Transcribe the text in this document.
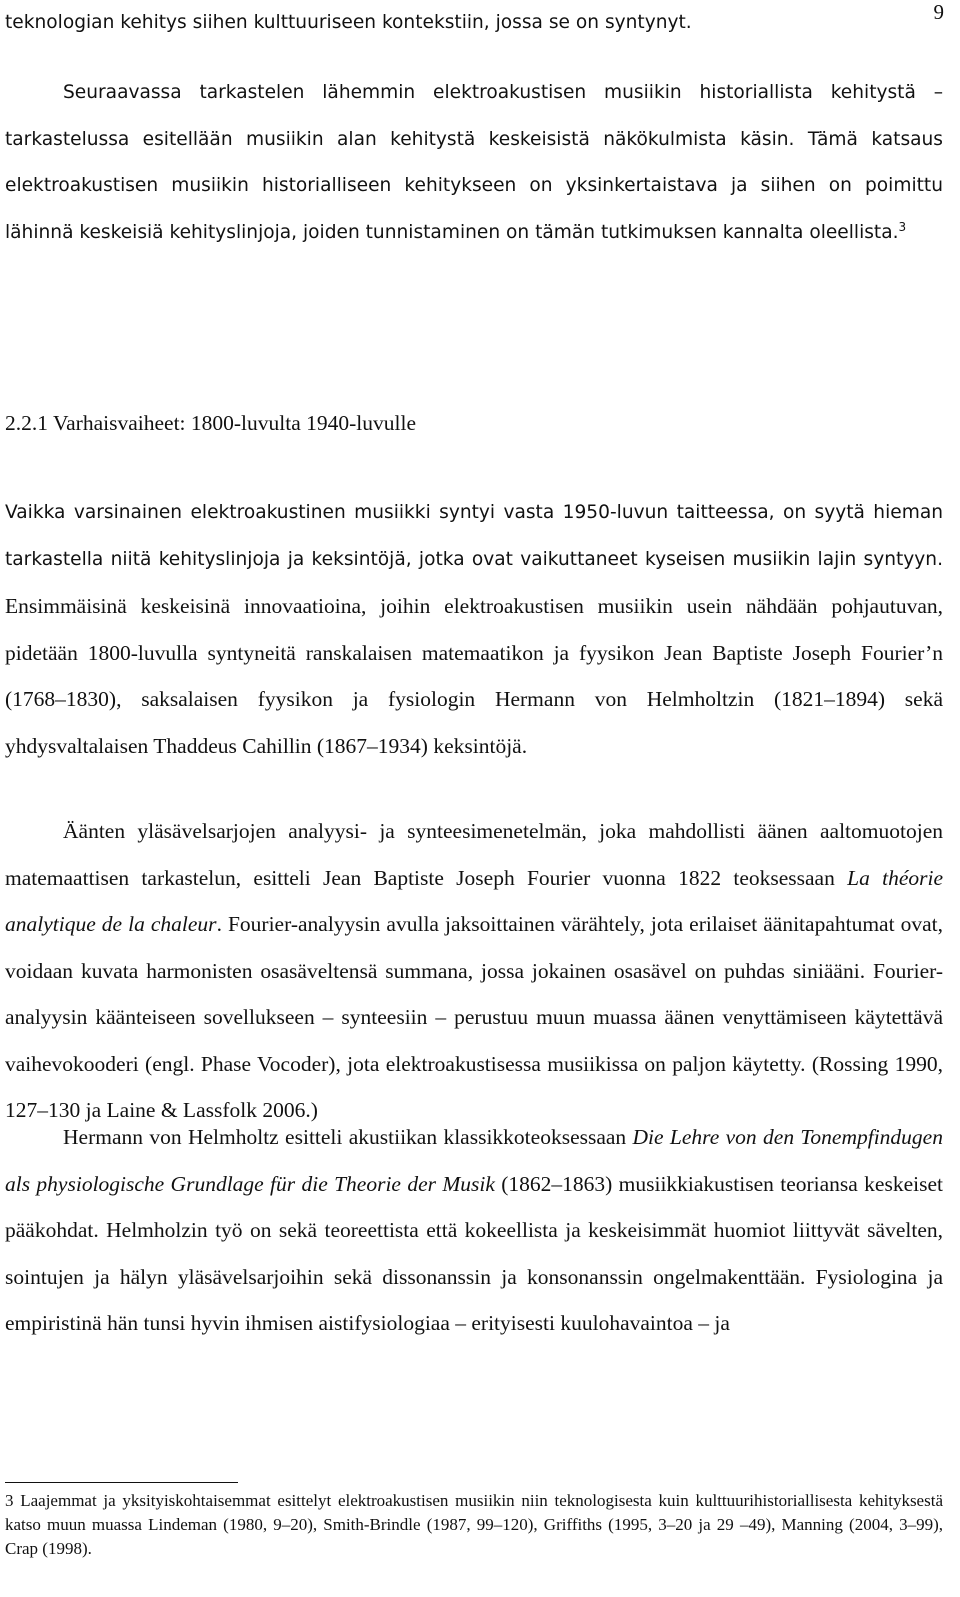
9

teknologian kehitys siihen kulttuuriseen kontekstiin, jossa se on syntynyt.

Seuraavassa tarkastelen lähemmin elektroakustisen musiikin historiallista kehitystä – tarkastelussa esitellään musiikin alan kehitystä keskeisistä näkökulmista käsin. Tämä katsaus elektroakustisen musiikin historialliseen kehitykseen on yksinkertaistava ja siihen on poimittu lähinnä keskeisiä kehityslinjoja, joiden tunnistaminen on tämän tutkimuksen kannalta oleellista.$^3$

2.2.1 Varhaisvaiheet: 1800-luvulta 1940-luvulle

Vaikka varsinainen elektroakustinen musiikki syntyi vasta 1950-luvun taitteessa, on syytä hieman tarkastella niitä kehityslinjoja ja keksintöjä, jotka ovat vaikuttaneet kyseisen musiikin lajin syntyyn. Ensimmäisinä keskeisinä innovaatioina, joihin elektroakustisen musiikin usein nähdään pohjautuvan, pidetään 1800-luvulla syntyneitä ranskalaisen matemaatikon ja fyysikon Jean Baptiste Joseph Fourier’n (1768–1830), saksalaisen fyysikon ja fysiologin Hermann von Helmholtzin (1821–1894) sekä yhdysvaltalaisen Thaddeus Cahillin (1867–1934) keksintöjä.

Äänten yläsävelsarjojen analyysi- ja synteesimenetelmän, joka mahdollisti äänen aaltomuotojen matemaattisen tarkastelun, esitteli Jean Baptiste Joseph Fourier vuonna 1822 teoksessaan La théorie analytique de la chaleur. Fourier-analyysin avulla jaksoittainen värähtely, jota erilaiset äänitapahtumat ovat, voidaan kuvata harmonisten osasäveltensä summana, jossa jokainen osasävel on puhdas siniääni. Fourier-analyysin käänteiseen sovellukseen – synteesiin – perustuu muun muassa äänen venyttämiseen käytettävä vaihevokooderi (engl. Phase Vocoder), jota elektroakustisessa musiikissa on paljon käytetty. (Rossing 1990, 127–130 ja Laine & Lassfolk 2006.)

Hermann von Helmholtz esitteli akustiikan klassikkoteoksessaan Die Lehre von den Tonempfindugen als physiologische Grundlage für die Theorie der Musik (1862–1863) musiikkiakustisen teoriansa keskeiset pääkohdat. Helmholzin työ on sekä teoreettista että kokeellista ja keskeisimmät huomiot liittyvät sävelten, sointujen ja hälyn yläsävelsarjoihin sekä dissonanssin ja konsonanssin ongelmakenttään. Fysiologina ja empiristinä hän tunsi hyvin ihmisen aistifysiologiaa – erityisesti kuulohavaintoa – ja

3 Laajemmat ja yksityiskohtaisemmat esittelyt elektroakustisen musiikin niin teknologisesta kuin kulttuurihistoriallisesta kehityksestä katso muun muassa Lindeman (1980, 9–20), Smith-Brindle (1987, 99–120), Griffiths (1995, 3–20 ja 29 –49), Manning (2004, 3–99), Crap (1998).
